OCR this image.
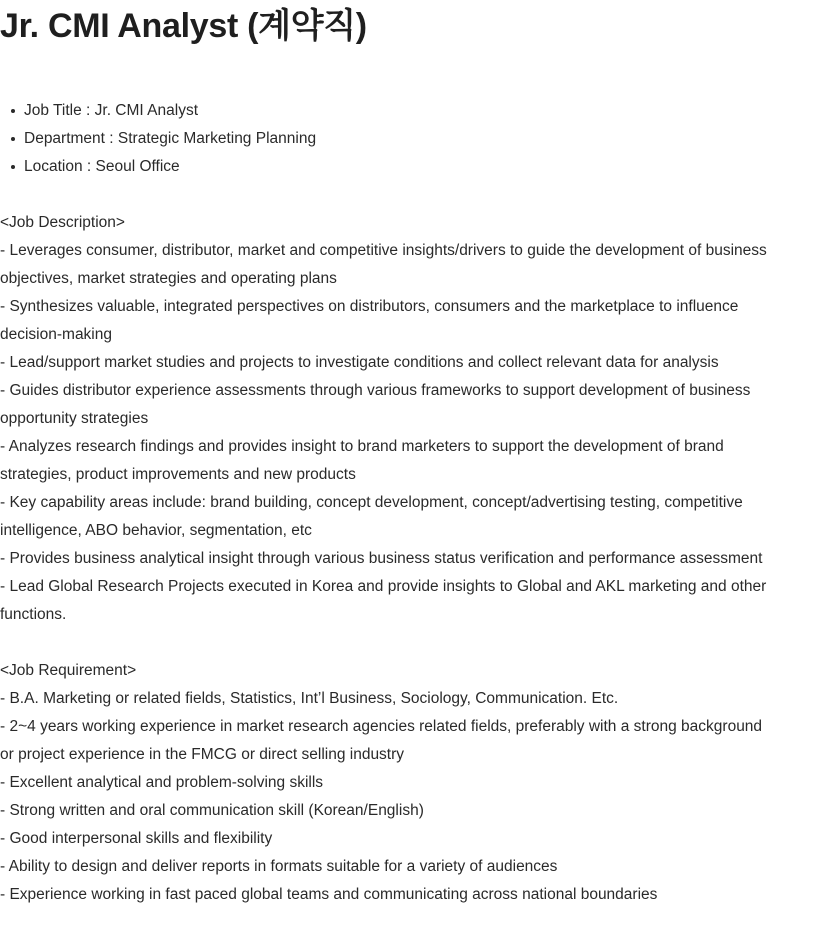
Jr. CMI Analyst (계약직)
Job Title : Jr. CMI Analyst
Department : Strategic Marketing Planning
Location : Seoul Office
<Job Description>

- Leverages consumer, distributor, market and competitive insights/drivers to guide the development of business objectives, market strategies and operating plans

- Synthesizes valuable, integrated perspectives on distributors, consumers and the marketplace to influence decision-making

- Lead/support market studies and projects to investigate conditions and collect relevant data for analysis

- Guides distributor experience assessments through various frameworks to support development of business opportunity strategies

- Analyzes research findings and provides insight to brand marketers to support the development of brand strategies, product improvements and new products

- Key capability areas include: brand building, concept development, concept/advertising testing, competitive intelligence, ABO behavior, segmentation, etc

- Provides business analytical insight through various business status verification and performance assessment

- Lead Global Research Projects executed in Korea and provide insights to Global and AKL marketing and other functions.

<Job Requirement>

- B.A. Marketing or related fields, Statistics, Int’l Business, Sociology, Communication. Etc.

- 2~4 years working experience in market research agencies related fields, preferably with a strong background or project experience in the FMCG or direct selling industry

- Excellent analytical and problem-solving skills

- Strong written and oral communication skill (Korean/English)

- Good interpersonal skills and flexibility

- Ability to design and deliver reports in formats suitable for a variety of audiences

- Experience working in fast paced global teams and communicating across national boundaries
